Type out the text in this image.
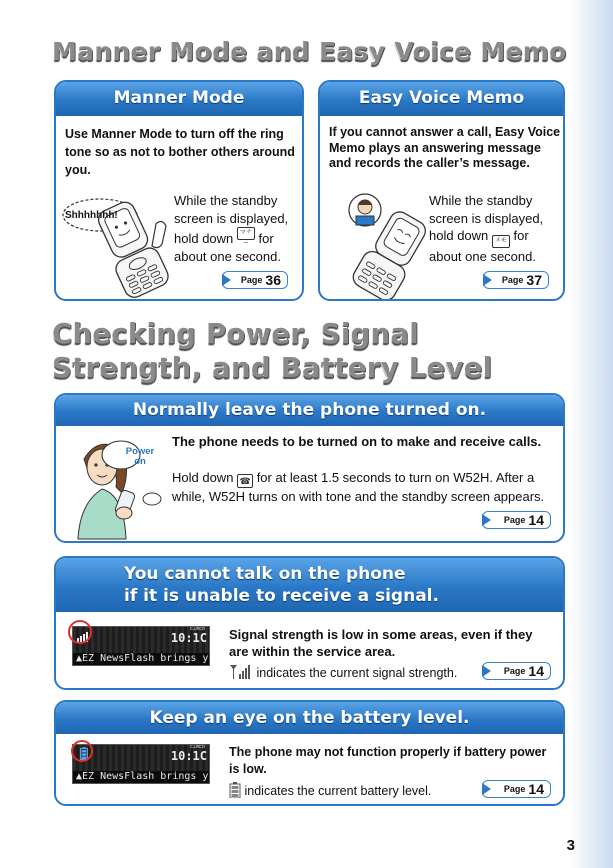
Manner Mode and Easy Voice Memo
Manner Mode
Use Manner Mode to turn off the ring tone so as not to bother others around you.
Shhhhhhh!
While the standby screen is displayed, hold down マナー for about one second.
Page 36
Easy Voice Memo
If you cannot answer a call, Easy Voice Memo plays an answering message and records the caller’s message.
While the standby screen is displayed, hold down メモ for about one second.
Page 37
Checking Power, Signal
Strength, and Battery Level
Normally leave the phone turned on.
Power
on
The phone needs to be turned on to make and receive calls.
Hold down ☎ for at least 1.5 seconds to turn on W52H. After a while, W52H turns on with tone and the standby screen appears.
Page 14
You cannot talk on the phone
if it is unable to receive a signal.
EZWEB
10:1C
▲EZ NewsFlash brings y
Signal strength is low in some areas, even if they are within the service area.
indicates the current signal strength.	Page 14
Keep an eye on the battery level.
EZWEB
10:1C
▲EZ NewsFlash brings y
The phone may not function properly if battery power is low.
indicates the current battery level.	Page 14
3
